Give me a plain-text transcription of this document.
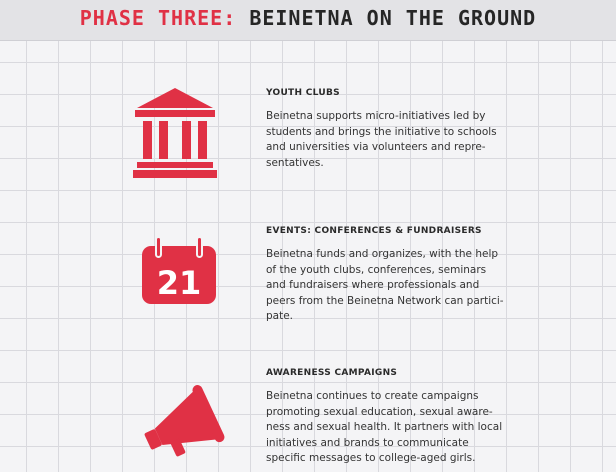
PHASE THREE: BEINETNA ON THE GROUND

YOUTH CLUBS

Beinetna supports micro-initiatives led by
students and brings the initiative to schools
and universities via volunteers and repre-
sentatives.

21

EVENTS: CONFERENCES & FUNDRAISERS

Beinetna funds and organizes, with the help
of the youth clubs, conferences, seminars
and fundraisers where professionals and
peers from the Beinetna Network can partici-
pate.

AWARENESS CAMPAIGNS

Beinetna continues to create campaigns
promoting sexual education, sexual aware-
ness and sexual health. It partners with local
initiatives and brands to communicate
specific messages to college-aged girls.
